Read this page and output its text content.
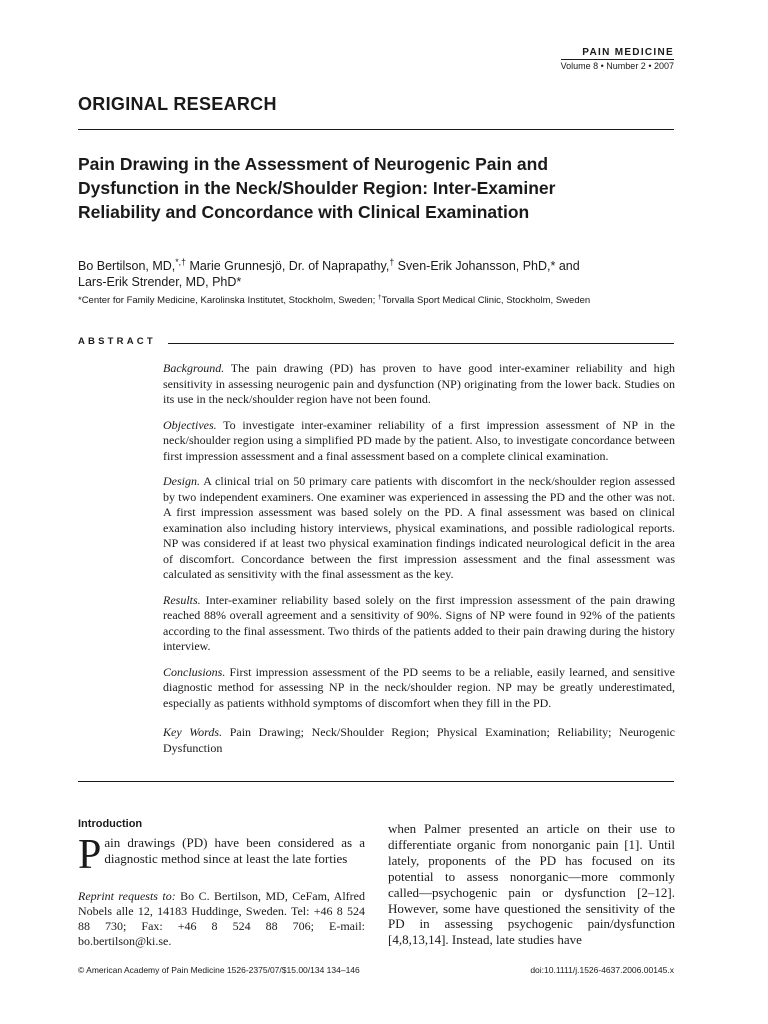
PAIN MEDICINE
Volume 8 • Number 2 • 2007
ORIGINAL RESEARCH
Pain Drawing in the Assessment of Neurogenic Pain and
Dysfunction in the Neck/Shoulder Region: Inter-Examiner
Reliability and Concordance with Clinical Examination
Bo Bertilson, MD,*,† Marie Grunnesjö, Dr. of Naprapathy,† Sven-Erik Johansson, PhD,* and
Lars-Erik Strender, MD, PhD*
*Center for Family Medicine, Karolinska Institutet, Stockholm, Sweden; †Torvalla Sport Medical Clinic, Stockholm, Sweden
ABSTRACT

Background. The pain drawing (PD) has proven to have good inter-examiner reliability and high sensitivity in assessing neurogenic pain and dysfunction (NP) originating from the lower back. Studies on its use in the neck/shoulder region have not been found.

Objectives. To investigate inter-examiner reliability of a first impression assessment of NP in the neck/shoulder region using a simplified PD made by the patient. Also, to investigate concordance between first impression assessment and a final assessment based on a complete clinical examination.

Design. A clinical trial on 50 primary care patients with discomfort in the neck/shoulder region assessed by two independent examiners. One examiner was experienced in assessing the PD and the other was not. A first impression assessment was based solely on the PD. A final assessment was based on clinical examination also including history interviews, physical examinations, and possible radiological reports. NP was considered if at least two physical examination findings indicated neurological deficit in the area of discomfort. Concordance between the first impression assessment and the final assessment was calculated as sensitivity with the final assessment as the key.

Results. Inter-examiner reliability based solely on the first impression assessment of the pain drawing reached 88% overall agreement and a sensitivity of 90%. Signs of NP were found in 92% of the patients according to the final assessment. Two thirds of the patients added to their pain drawing during the history interview.

Conclusions. First impression assessment of the PD seems to be a reliable, easily learned, and sensitive diagnostic method for assessing NP in the neck/shoulder region. NP may be greatly underestimated, especially as patients withhold symptoms of discomfort when they fill in the PD.

Key Words. Pain Drawing; Neck/Shoulder Region; Physical Examination; Reliability; Neurogenic Dysfunction

Introduction

Pain drawings (PD) have been considered as a diagnostic method since at least the late forties

Reprint requests to: Bo C. Bertilson, MD, CeFam, Alfred Nobels alle 12, 14183 Huddinge, Sweden. Tel: +46 8 524 88 730; Fax: +46 8 524 88 706; E-mail: bo.bertilson@ki.se.

when Palmer presented an article on their use to differentiate organic from nonorganic pain [1]. Until lately, proponents of the PD has focused on its potential to assess nonorganic—more commonly called—psychogenic pain or dysfunction [2–12]. However, some have questioned the sensitivity of the PD in assessing psychogenic pain/dysfunction [4,8,13,14]. Instead, late studies have

© American Academy of Pain Medicine 1526-2375/07/$15.00/134 134–146	doi:10.1111/j.1526-4637.2006.00145.x
